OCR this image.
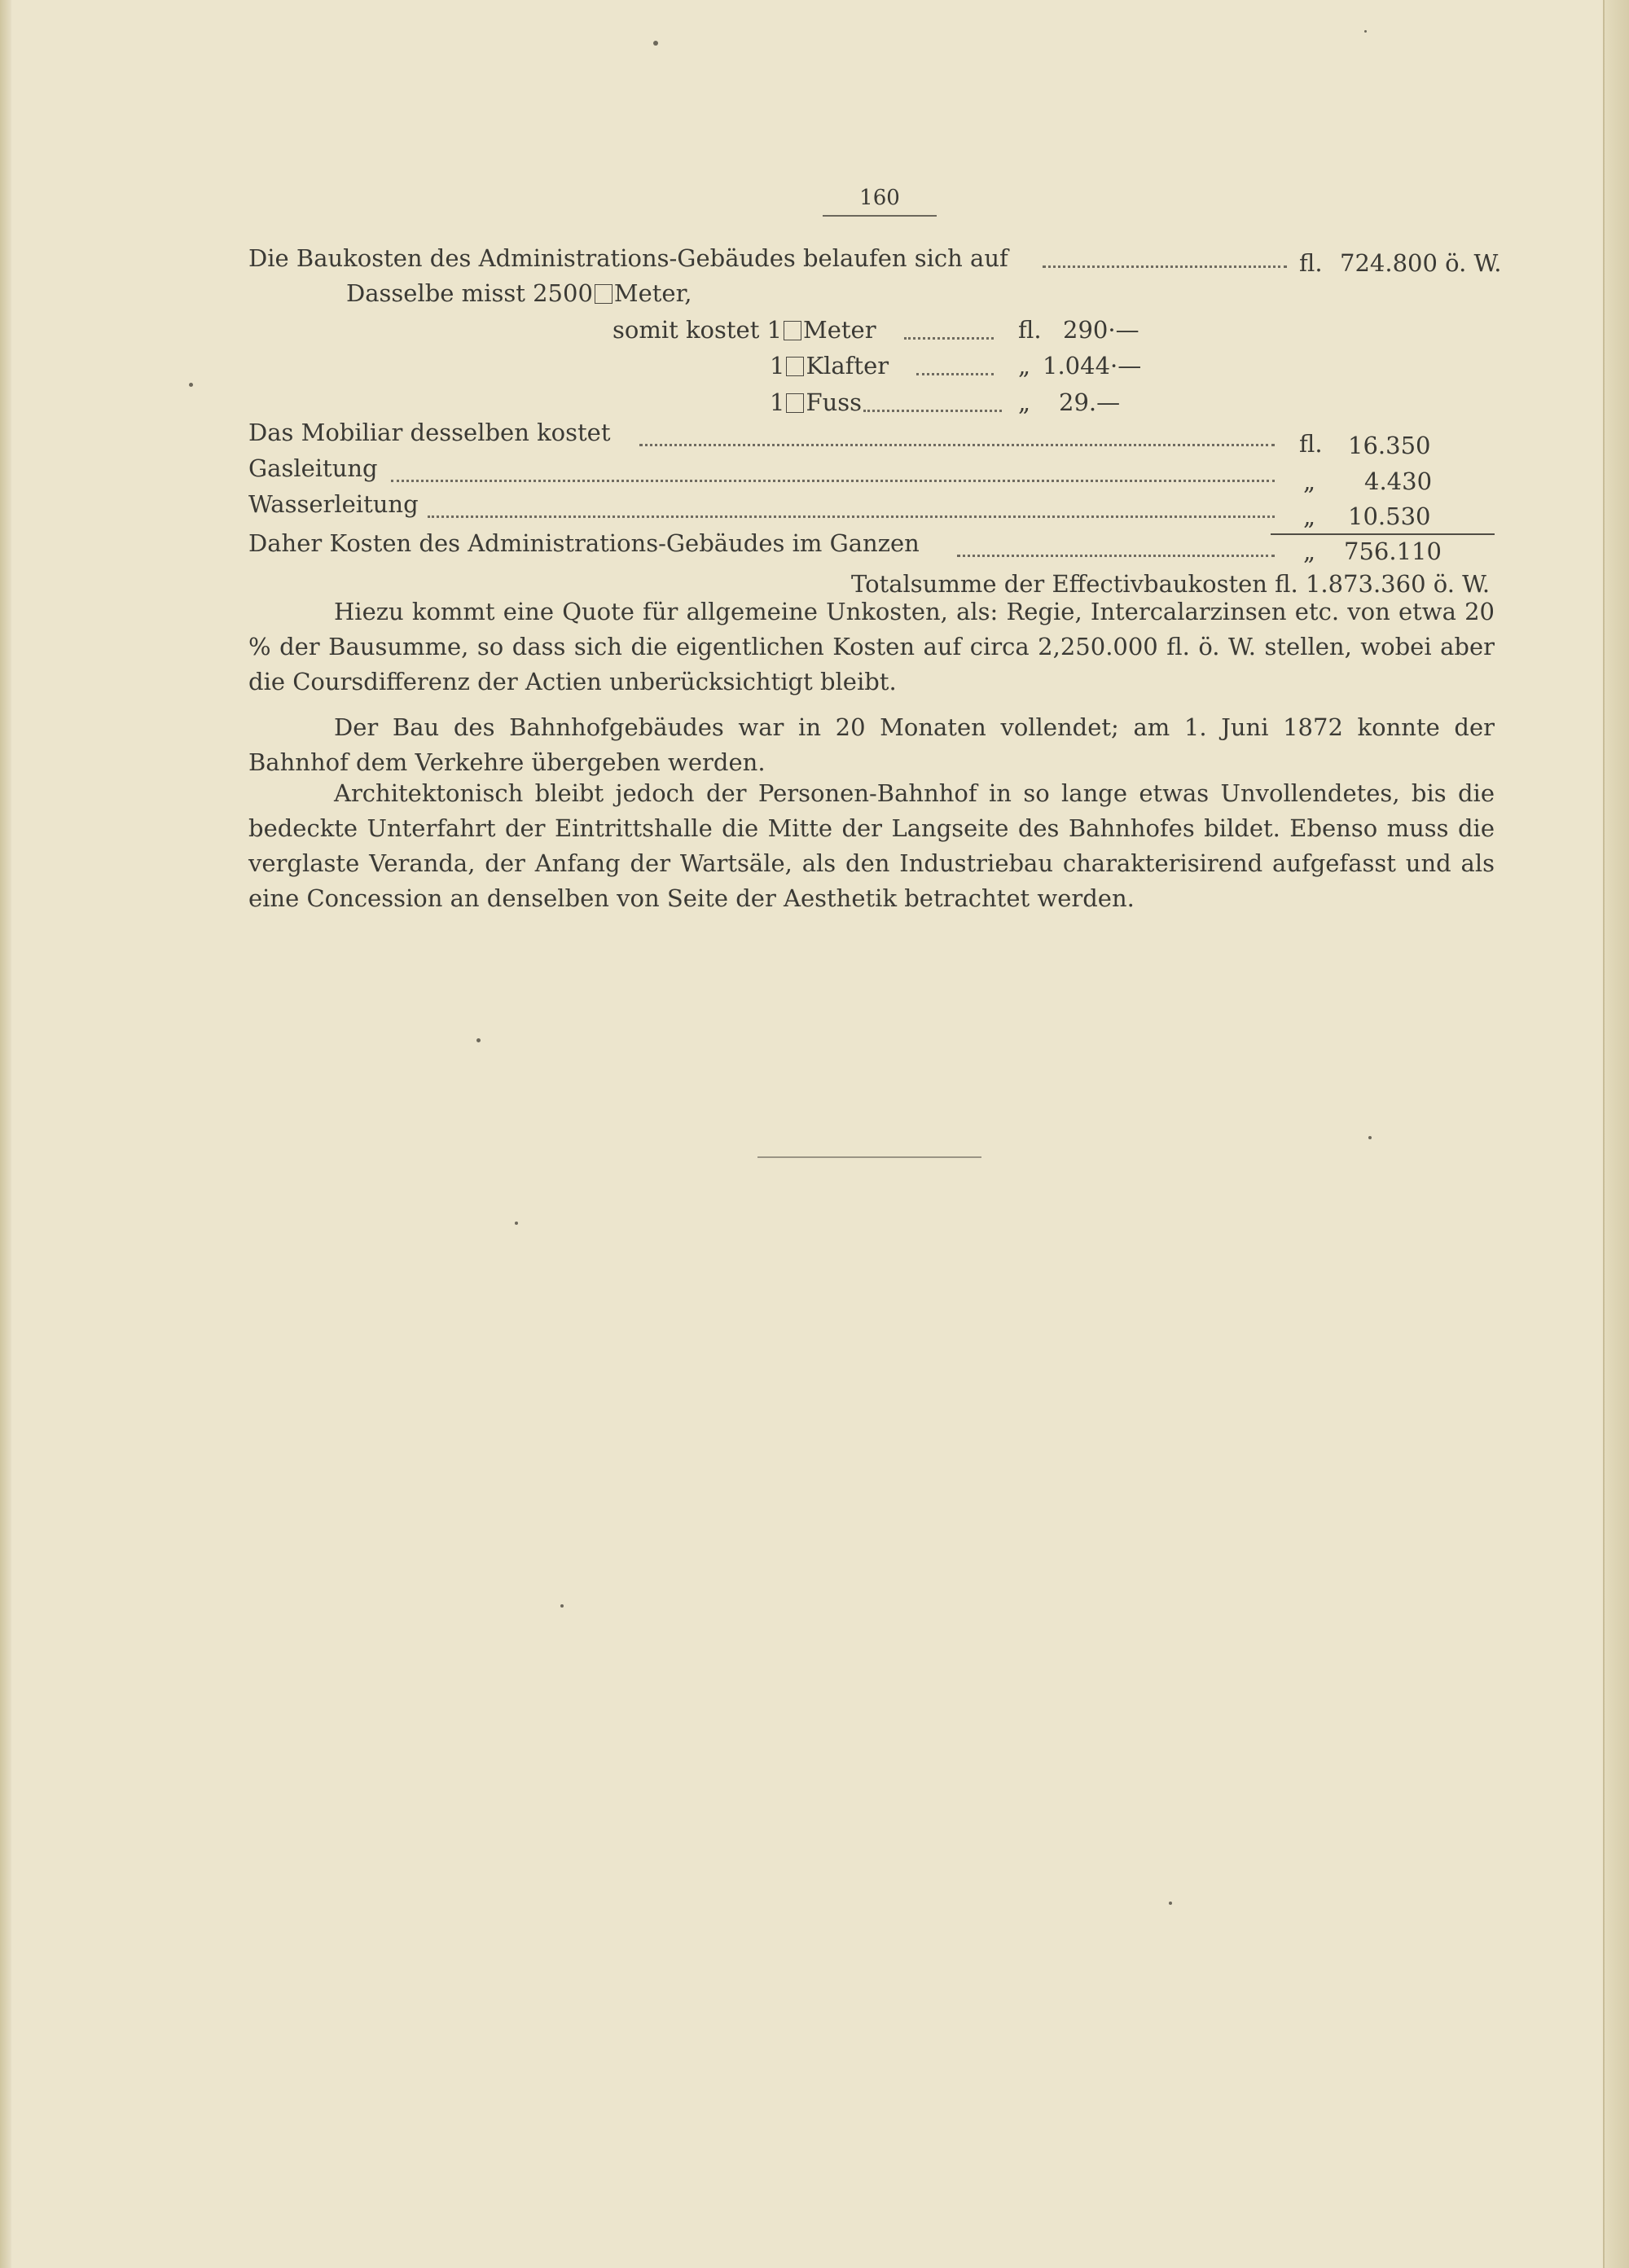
160
Die Baukosten des Administrations-Gebäudes belaufen sich auf	fl. 724.800 ö. W.
Dasselbe misst 2500 Meter,
somit kostet 1 Meter	fl. 290·—
1 Klafter	„ 1.044·—
1 Fuss	„ 29.—
Das Mobiliar desselben kostet	fl. 16.350
Gasleitung	„ 4.430
Wasserleitung	„ 10.530
Daher Kosten des Administrations-Gebäudes im Ganzen	„ 756.110
Totalsumme der Effectivbaukosten fl. 1.873.360 ö. W.
Hiezu kommt eine Quote für allgemeine Unkosten, als: Regie, Intercalarzinsen etc. von etwa 20 % der Bausumme, so dass sich die eigentlichen Kosten auf circa 2,250.000 fl. ö. W. stellen, wobei aber die Coursdifferenz der Actien unberücksichtigt bleibt.
Der Bau des Bahnhofgebäudes war in 20 Monaten vollendet; am 1. Juni 1872 konnte der Bahnhof dem Verkehre übergeben werden.
Architektonisch bleibt jedoch der Personen-Bahnhof in so lange etwas Unvollendetes, bis die bedeckte Unterfahrt der Eintrittshalle die Mitte der Langseite des Bahnhofes bildet. Ebenso muss die verglaste Veranda, der Anfang der Wartsäle, als den Industriebau charakterisirend aufgefasst und als eine Concession an denselben von Seite der Aesthetik betrachtet werden.
